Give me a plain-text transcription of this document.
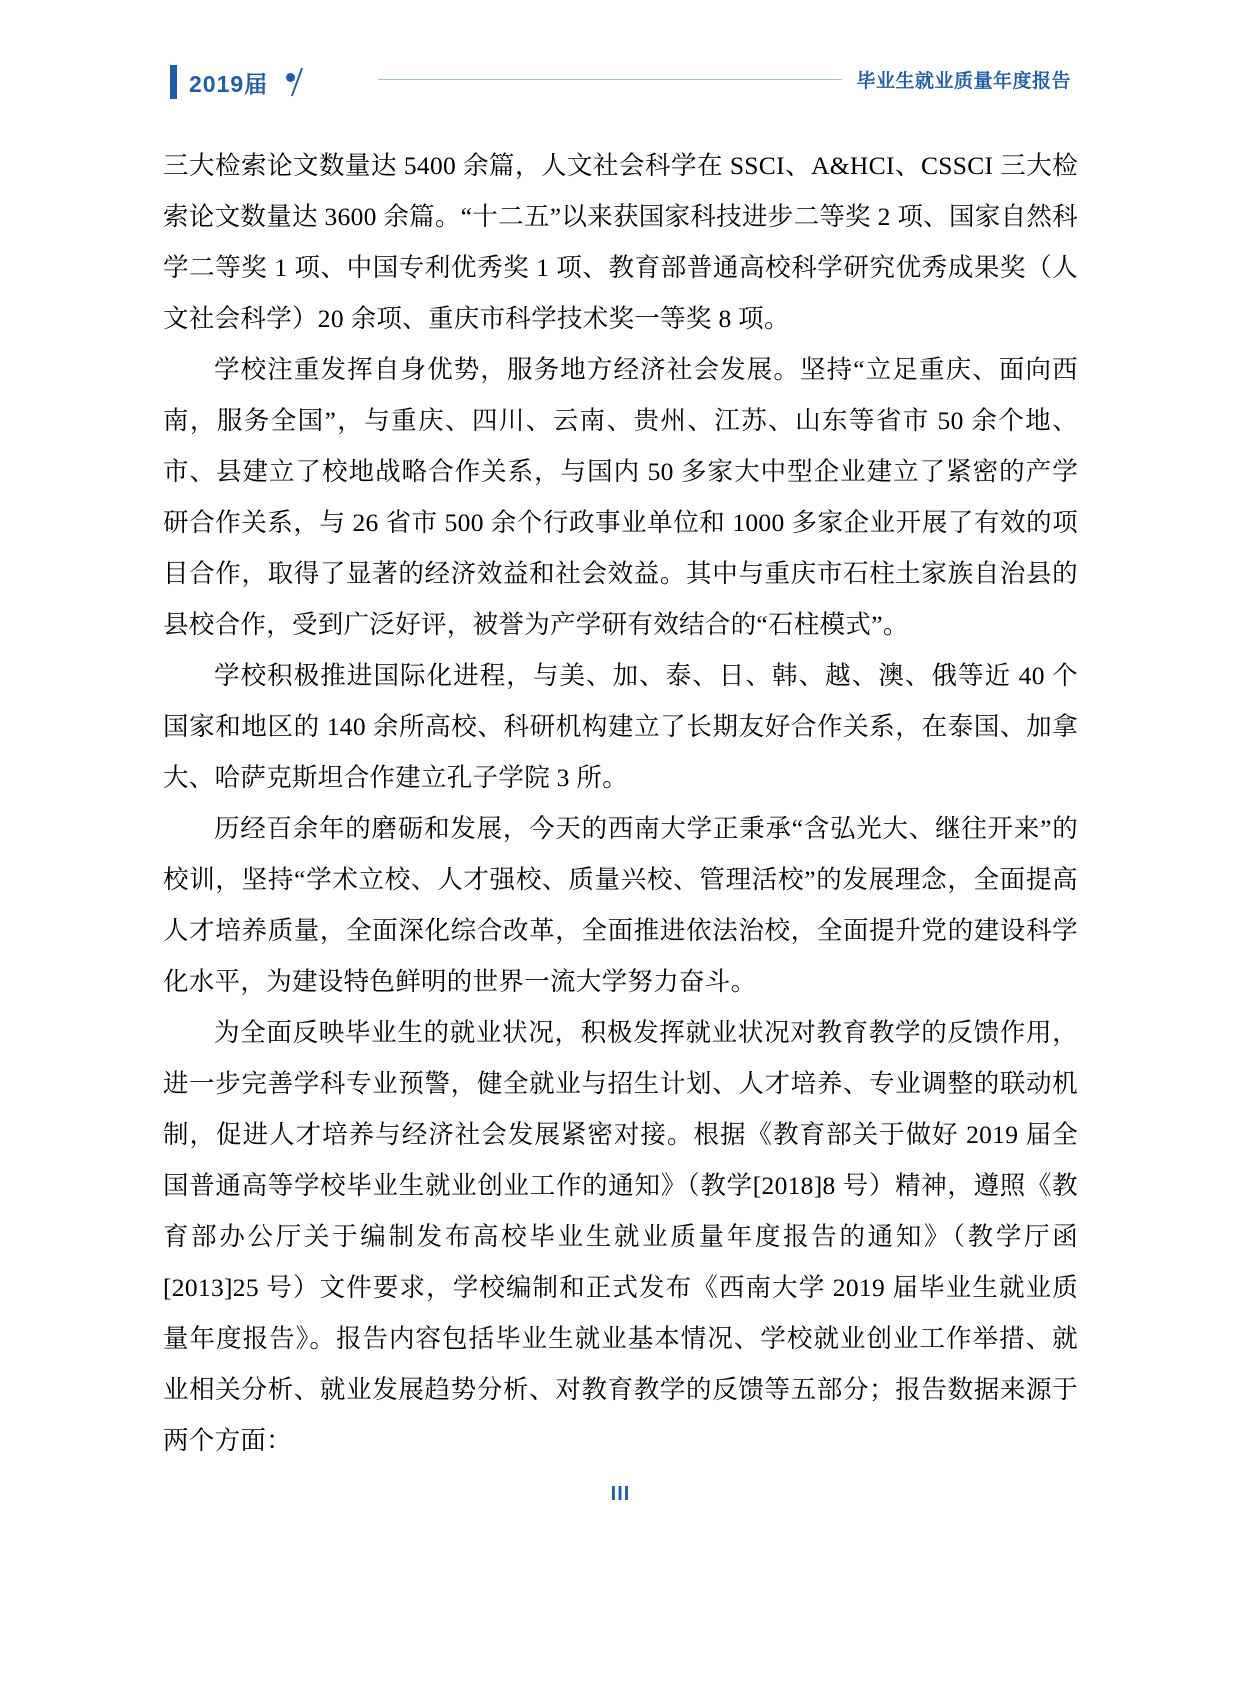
2019届	毕业生就业质量年度报告

三大检索论文数量达 5400 余篇，人文社会科学在 SSCI、A&HCI、CSSCI 三大检索论文数量达 3600 余篇。“十二五”以来获国家科技进步二等奖 2 项、国家自然科学二等奖 1 项、中国专利优秀奖 1 项、教育部普通高校科学研究优秀成果奖（人文社会科学）20 余项、重庆市科学技术奖一等奖 8 项。

学校注重发挥自身优势，服务地方经济社会发展。坚持“立足重庆、面向西南，服务全国”，与重庆、四川、云南、贵州、江苏、山东等省市 50 余个地、市、县建立了校地战略合作关系，与国内 50 多家大中型企业建立了紧密的产学研合作关系，与 26 省市 500 余个行政事业单位和 1000 多家企业开展了有效的项目合作，取得了显著的经济效益和社会效益。其中与重庆市石柱土家族自治县的县校合作，受到广泛好评，被誉为产学研有效结合的“石柱模式”。

学校积极推进国际化进程，与美、加、泰、日、韩、越、澳、俄等近 40 个国家和地区的 140 余所高校、科研机构建立了长期友好合作关系，在泰国、加拿大、哈萨克斯坦合作建立孔子学院 3 所。

历经百余年的磨砺和发展，今天的西南大学正秉承“含弘光大、继往开来”的校训，坚持“学术立校、人才强校、质量兴校、管理活校”的发展理念，全面提高人才培养质量，全面深化综合改革，全面推进依法治校，全面提升党的建设科学化水平，为建设特色鲜明的世界一流大学努力奋斗。

为全面反映毕业生的就业状况，积极发挥就业状况对教育教学的反馈作用，进一步完善学科专业预警，健全就业与招生计划、人才培养、专业调整的联动机制，促进人才培养与经济社会发展紧密对接。根据《教育部关于做好 2019 届全国普通高等学校毕业生就业创业工作的通知》（教学[2018]8 号）精神，遵照《教育部办公厅关于编制发布高校毕业生就业质量年度报告的通知》（教学厅函[2013]25 号）文件要求，学校编制和正式发布《西南大学 2019 届毕业生就业质量年度报告》。报告内容包括毕业生就业基本情况、学校就业创业工作举措、就业相关分析、就业发展趋势分析、对教育教学的反馈等五部分；报告数据来源于两个方面：

III
